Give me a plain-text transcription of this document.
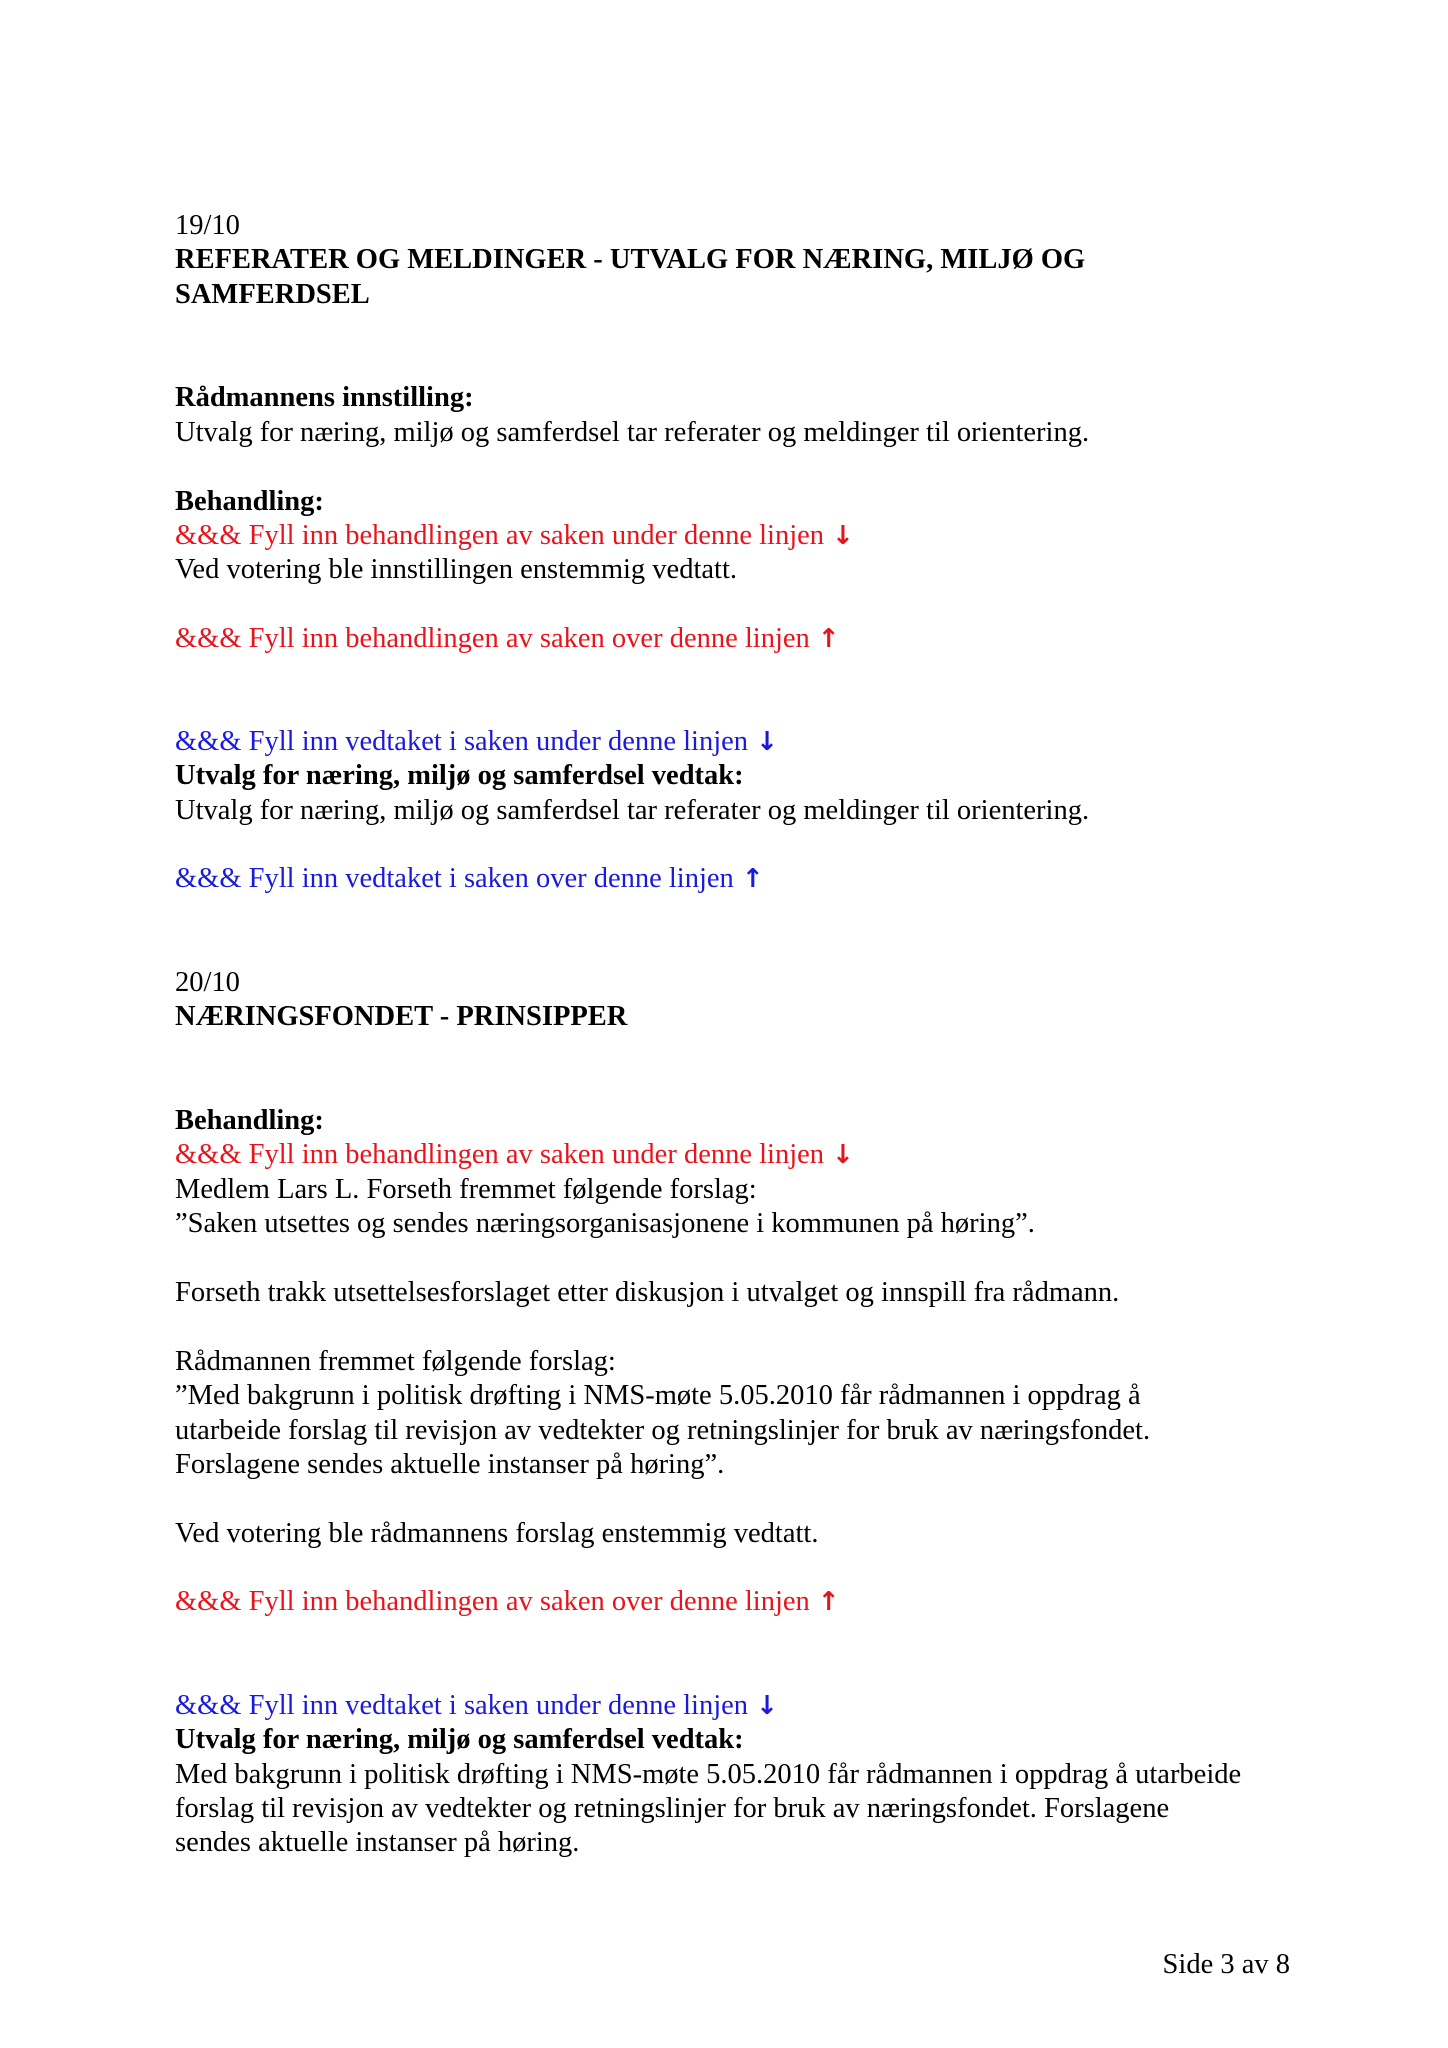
19/10
REFERATER OG MELDINGER - UTVALG FOR NÆRING, MILJØ OG
SAMFERDSEL
Rådmannens innstilling:
Utvalg for næring, miljø og samferdsel tar referater og meldinger til orientering.
Behandling:
&&& Fyll inn behandlingen av saken under denne linjen ↓
Ved votering ble innstillingen enstemmig vedtatt.
&&& Fyll inn behandlingen av saken over denne linjen ↑
&&& Fyll inn vedtaket i saken under denne linjen ↓
Utvalg for næring, miljø og samferdsel vedtak:
Utvalg for næring, miljø og samferdsel tar referater og meldinger til orientering.
&&& Fyll inn vedtaket i saken over denne linjen ↑
20/10
NÆRINGSFONDET - PRINSIPPER
Behandling:
&&& Fyll inn behandlingen av saken under denne linjen ↓
Medlem Lars L. Forseth fremmet følgende forslag:
”Saken utsettes og sendes næringsorganisasjonene i kommunen på høring”.
Forseth trakk utsettelsesforslaget etter diskusjon i utvalget og innspill fra rådmann.
Rådmannen fremmet følgende forslag:
”Med bakgrunn i politisk drøfting i NMS-møte 5.05.2010 får rådmannen i oppdrag å
utarbeide forslag til revisjon av vedtekter og retningslinjer for bruk av næringsfondet.
Forslagene sendes aktuelle instanser på høring”.
Ved votering ble rådmannens forslag enstemmig vedtatt.
&&& Fyll inn behandlingen av saken over denne linjen ↑
&&& Fyll inn vedtaket i saken under denne linjen ↓
Utvalg for næring, miljø og samferdsel vedtak:
Med bakgrunn i politisk drøfting i NMS-møte 5.05.2010 får rådmannen i oppdrag å utarbeide
forslag til revisjon av vedtekter og retningslinjer for bruk av næringsfondet. Forslagene
sendes aktuelle instanser på høring.
Side 3 av 8
